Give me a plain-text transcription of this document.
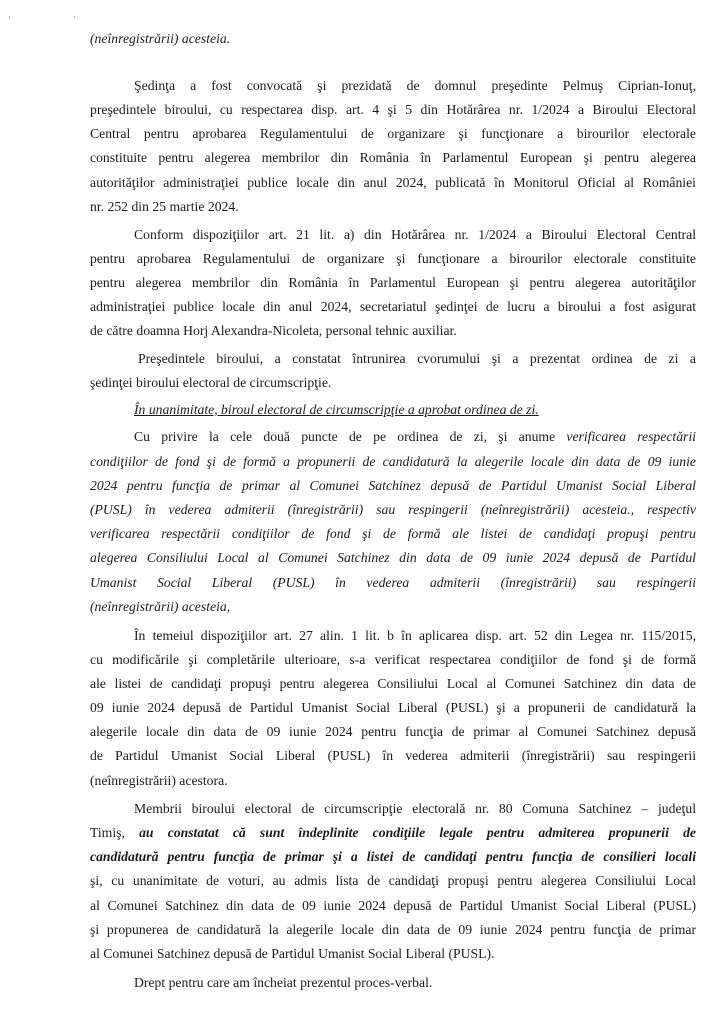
· ·
(neînregistrării) acesteia.
Şedinţa a fost convocată şi prezidată de domnul preşedinte Pelmuş Ciprian-Ionuţ,
preşedintele biroului, cu respectarea disp. art. 4 şi 5 din Hotărârea nr. 1/2024 a Biroului Electoral
Central pentru aprobarea Regulamentului de organizare şi funcţionare a birourilor electorale
constituite pentru alegerea membrilor din România în Parlamentul European şi pentru alegerea
autorităţilor administraţiei publice locale din anul 2024, publicată în Monitorul Oficial al României
nr. 252 din 25 martie 2024.
Conform dispoziţiilor art. 21 lit. a) din Hotărârea nr. 1/2024 a Biroului Electoral Central
pentru aprobarea Regulamentului de organizare şi funcţionare a birourilor electorale constituite
pentru alegerea membrilor din România în Parlamentul European şi pentru alegerea autorităţilor
administraţiei publice locale din anul 2024, secretariatul şedinţei de lucru a biroului a fost asigurat
de către doamna Horj Alexandra-Nicoleta, personal tehnic auxiliar.
Preşedintele biroului, a constatat întrunirea cvorumului şi a prezentat ordinea de zi a
şedinţei biroului electoral de circumscripţie.
În unanimitate, biroul electoral de circumscripţie a aprobat ordinea de zi.
Cu privire la cele două puncte de pe ordinea de zi, şi anume verificarea respectării
condiţiilor de fond şi de formă a propunerii de candidatură la alegerile locale din data de 09 iunie
2024 pentru funcţia de primar al Comunei Satchinez depusă de Partidul Umanist Social Liberal
(PUSL) în vederea admiterii (înregistrării) sau respingerii (neînregistrării) acesteia., respectiv
verificarea respectării condiţiilor de fond şi de formă ale listei de candidaţi propuşi pentru
alegerea Consiliului Local al Comunei Satchinez din data de 09 iunie 2024 depusă de Partidul
Umanist Social Liberal (PUSL) în vederea admiterii (înregistrării) sau respingerii
(neînregistrării) acesteia,
În temeiul dispoziţiilor art. 27 alin. 1 lit. b în aplicarea disp. art. 52 din Legea nr. 115/2015,
cu modificările şi completările ulterioare, s-a verificat respectarea condiţiilor de fond şi de formă
ale listei de candidaţi propuşi pentru alegerea Consiliului Local al Comunei Satchinez din data de
09 iunie 2024 depusă de Partidul Umanist Social Liberal (PUSL) şi a propunerii de candidatură la
alegerile locale din data de 09 iunie 2024 pentru funcţia de primar al Comunei Satchinez depusă
de Partidul Umanist Social Liberal (PUSL) în vederea admiterii (înregistrării) sau respingerii
(neînregistrării) acestora.
Membrii biroului electoral de circumscripţie electorală nr. 80 Comuna Satchinez – judeţul
Timiş, au constatat că sunt îndeplinite condiţiile legale pentru admiterea propunerii de
candidatură pentru funcţia de primar şi a listei de candidaţi pentru funcţia de consilieri locali
şi, cu unanimitate de voturi, au admis lista de candidaţi propuşi pentru alegerea Consiliului Local
al Comunei Satchinez din data de 09 iunie 2024 depusă de Partidul Umanist Social Liberal (PUSL)
şi propunerea de candidatură la alegerile locale din data de 09 iunie 2024 pentru funcţia de primar
al Comunei Satchinez depusă de Partidul Umanist Social Liberal (PUSL).
Drept pentru care am încheiat prezentul proces-verbal.
